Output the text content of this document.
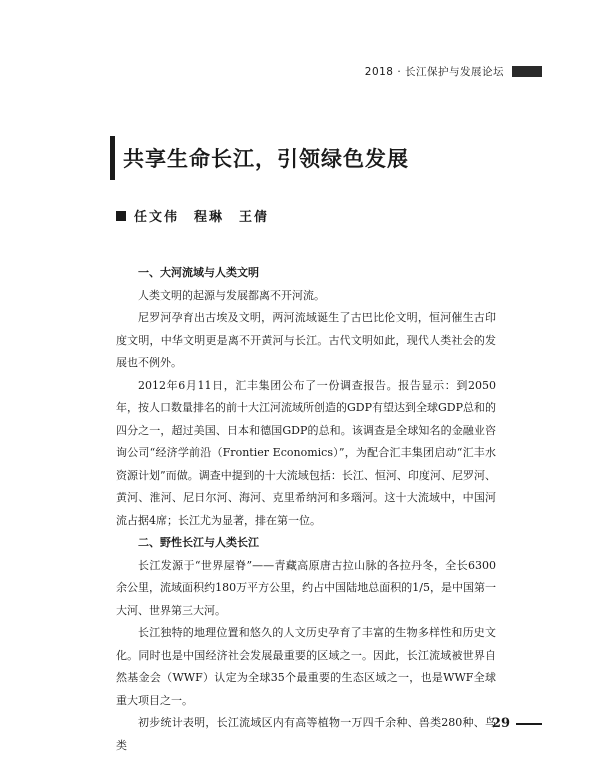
2018 · 长江保护与发展论坛
共享生命长江，引领绿色发展
任文伟　程琳　王倩
一、大河流域与人类文明

人类文明的起源与发展都离不开河流。

尼罗河孕育出古埃及文明，两河流域诞生了古巴比伦文明，恒河催生古印度文明，中华文明更是离不开黄河与长江。古代文明如此，现代人类社会的发展也不例外。

2012年6月11日，汇丰集团公布了一份调查报告。报告显示：到2050年，按人口数量排名的前十大江河流域所创造的GDP有望达到全球GDP总和的四分之一，超过美国、日本和德国GDP的总和。该调查是全球知名的金融业咨询公司“经济学前沿（Frontier Economics）”，为配合汇丰集团启动“汇丰水资源计划”而做。调查中提到的十大流域包括：长江、恒河、印度河、尼罗河、黄河、淮河、尼日尔河、海河、克里希纳河和多瑙河。这十大流域中，中国河流占据4席；长江尤为显著，排在第一位。

二、野性长江与人类长江

长江发源于“世界屋脊”——青藏高原唐古拉山脉的各拉丹冬，全长6300余公里，流域面积约180万平方公里，约占中国陆地总面积的1/5，是中国第一大河、世界第三大河。

长江独特的地理位置和悠久的人文历史孕育了丰富的生物多样性和历史文化。同时也是中国经济社会发展最重要的区域之一。因此，长江流域被世界自然基金会（WWF）认定为全球35个最重要的生态区域之一，也是WWF全球重大项目之一。

初步统计表明，长江流域区内有高等植物一万四千余种、兽类280种、鸟类

29
